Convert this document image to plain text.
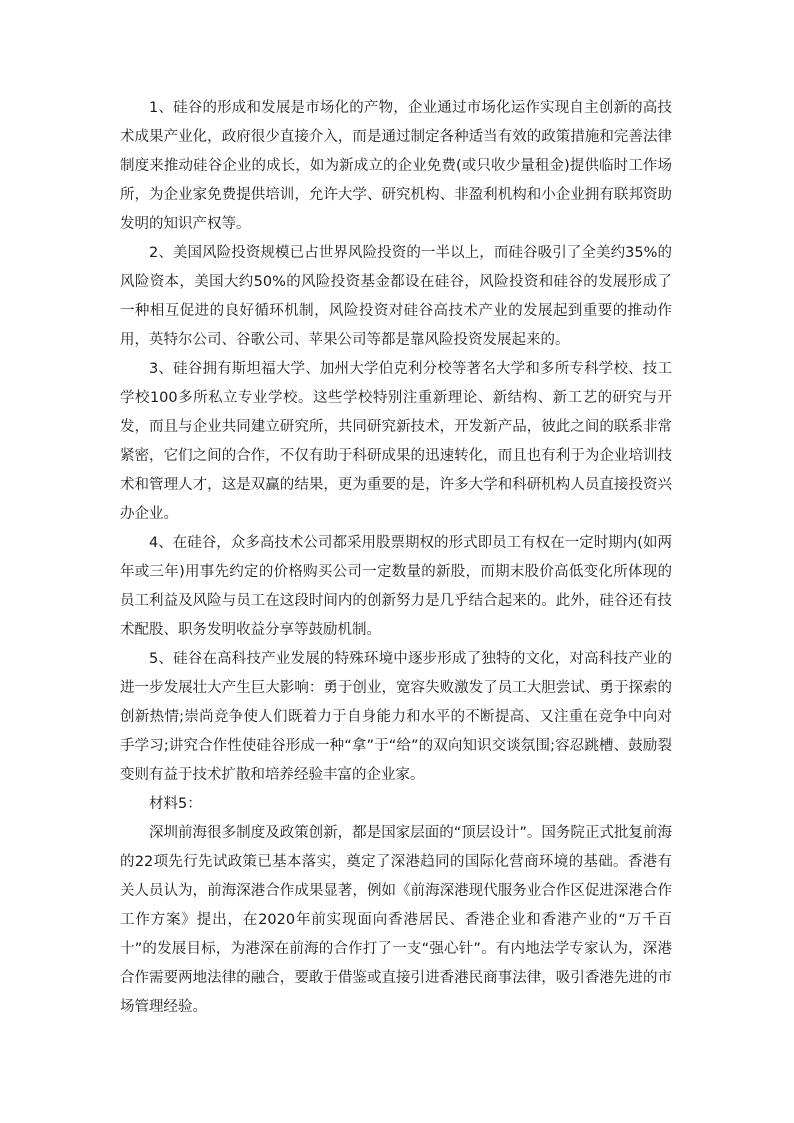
1、硅谷的形成和发展是市场化的产物，企业通过市场化运作实现自主创新的高技术成果产业化，政府很少直接介入，而是通过制定各种适当有效的政策措施和完善法律制度来推动硅谷企业的成长，如为新成立的企业免费(或只收少量租金)提供临时工作场所，为企业家免费提供培训，允许大学、研究机构、非盈利机构和小企业拥有联邦资助发明的知识产权等。

2、美国风险投资规模已占世界风险投资的一半以上，而硅谷吸引了全美约35%的风险资本，美国大约50%的风险投资基金都设在硅谷，风险投资和硅谷的发展形成了一种相互促进的良好循环机制，风险投资对硅谷高技术产业的发展起到重要的推动作用，英特尔公司、谷歌公司、苹果公司等都是靠风险投资发展起来的。

3、硅谷拥有斯坦福大学、加州大学伯克利分校等著名大学和多所专科学校、技工学校100多所私立专业学校。这些学校特别注重新理论、新结构、新工艺的研究与开发，而且与企业共同建立研究所，共同研究新技术，开发新产品，彼此之间的联系非常紧密，它们之间的合作，不仅有助于科研成果的迅速转化，而且也有利于为企业培训技术和管理人才，这是双赢的结果，更为重要的是，许多大学和科研机构人员直接投资兴办企业。

4、在硅谷，众多高技术公司都采用股票期权的形式即员工有权在一定时期内(如两年或三年)用事先约定的价格购买公司一定数量的新股，而期末股价高低变化所体现的员工利益及风险与员工在这段时间内的创新努力是几乎结合起来的。此外，硅谷还有技术配股、职务发明收益分享等鼓励机制。

5、硅谷在高科技产业发展的特殊环境中逐步形成了独特的文化，对高科技产业的进一步发展壮大产生巨大影响：勇于创业，宽容失败激发了员工大胆尝试、勇于探索的创新热情;崇尚竞争使人们既着力于自身能力和水平的不断提高、又注重在竞争中向对手学习;讲究合作性使硅谷形成一种“拿”于“给”的双向知识交谈氛围;容忍跳槽、鼓励裂变则有益于技术扩散和培养经验丰富的企业家。

材料5：

深圳前海很多制度及政策创新，都是国家层面的“顶层设计”。国务院正式批复前海的22项先行先试政策已基本落实，奠定了深港趋同的国际化营商环境的基础。香港有关人员认为，前海深港合作成果显著，例如《前海深港现代服务业合作区促进深港合作工作方案》提出，在2020年前实现面向香港居民、香港企业和香港产业的“万千百十”的发展目标，为港深在前海的合作打了一支“强心针”。有内地法学专家认为，深港合作需要两地法律的融合，要敢于借鉴或直接引进香港民商事法律，吸引香港先进的市场管理经验。
